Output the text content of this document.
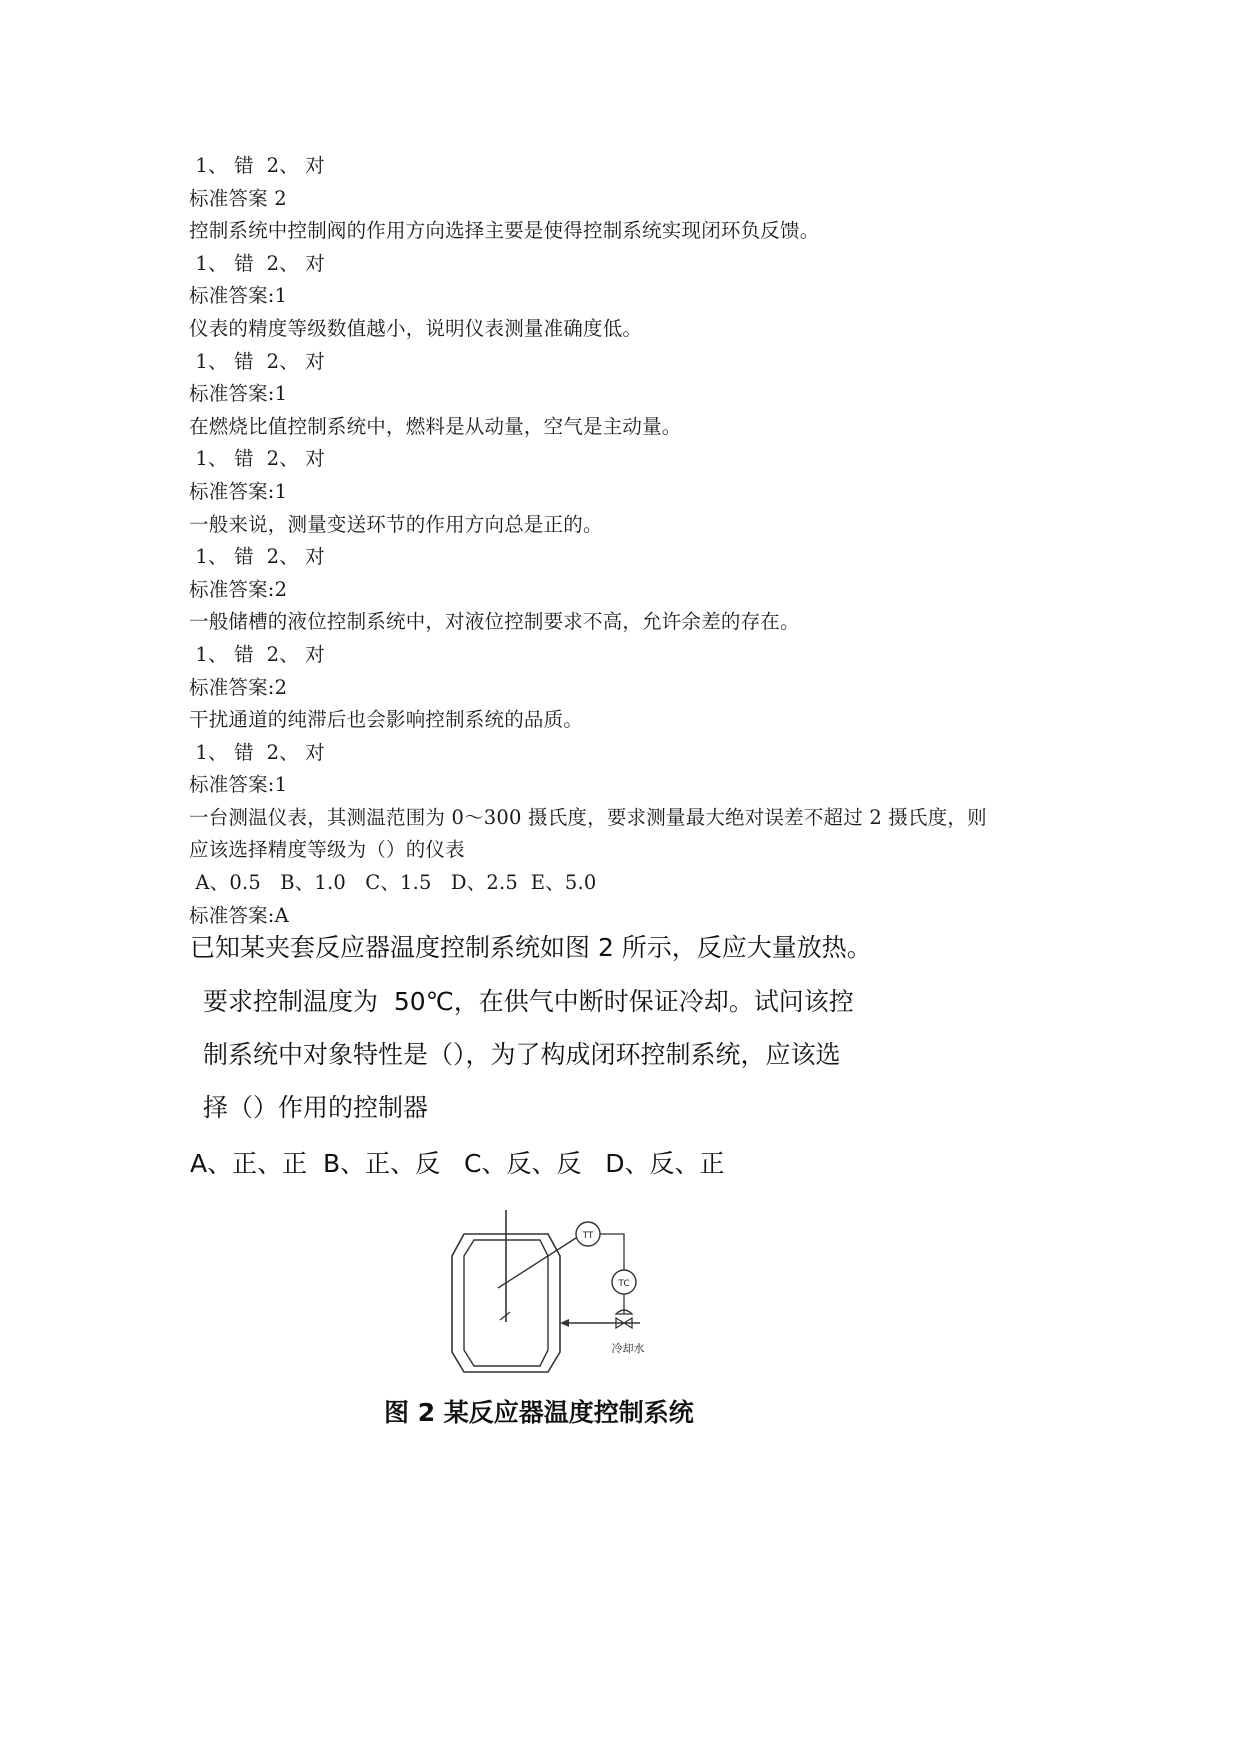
1、 错  2、 对
标准答案 2
控制系统中控制阀的作用方向选择主要是使得控制系统实现闭环负反馈。
1、 错  2、 对
标准答案:1
仪表的精度等级数值越小，说明仪表测量准确度低。
1、 错  2、 对
标准答案:1
在燃烧比值控制系统中，燃料是从动量，空气是主动量。
1、 错  2、 对
标准答案:1
一般来说，测量变送环节的作用方向总是正的。
1、 错  2、 对
标准答案:2
一般储槽的液位控制系统中，对液位控制要求不高，允许余差的存在。
1、 错  2、 对
标准答案:2
干扰通道的纯滞后也会影响控制系统的品质。
1、 错  2、 对
标准答案:1
一台测温仪表，其测温范围为 0～300 摄氏度，要求测量最大绝对误差不超过 2 摄氏度，则
应该选择精度等级为（）的仪表
A、0.5   B、1.0   C、1.5   D、2.5  E、5.0
标准答案:A
已知某夹套反应器温度控制系统如图 2 所示，反应大量放热。
要求控制温度为  50℃，在供气中断时保证冷却。试问该控
制系统中对象特性是（），为了构成闭环控制系统，应该选
择（）作用的控制器
A、正、正  B、正、反   C、反、反   D、反、正
TT
TC
冷却水
图 2 某反应器温度控制系统
